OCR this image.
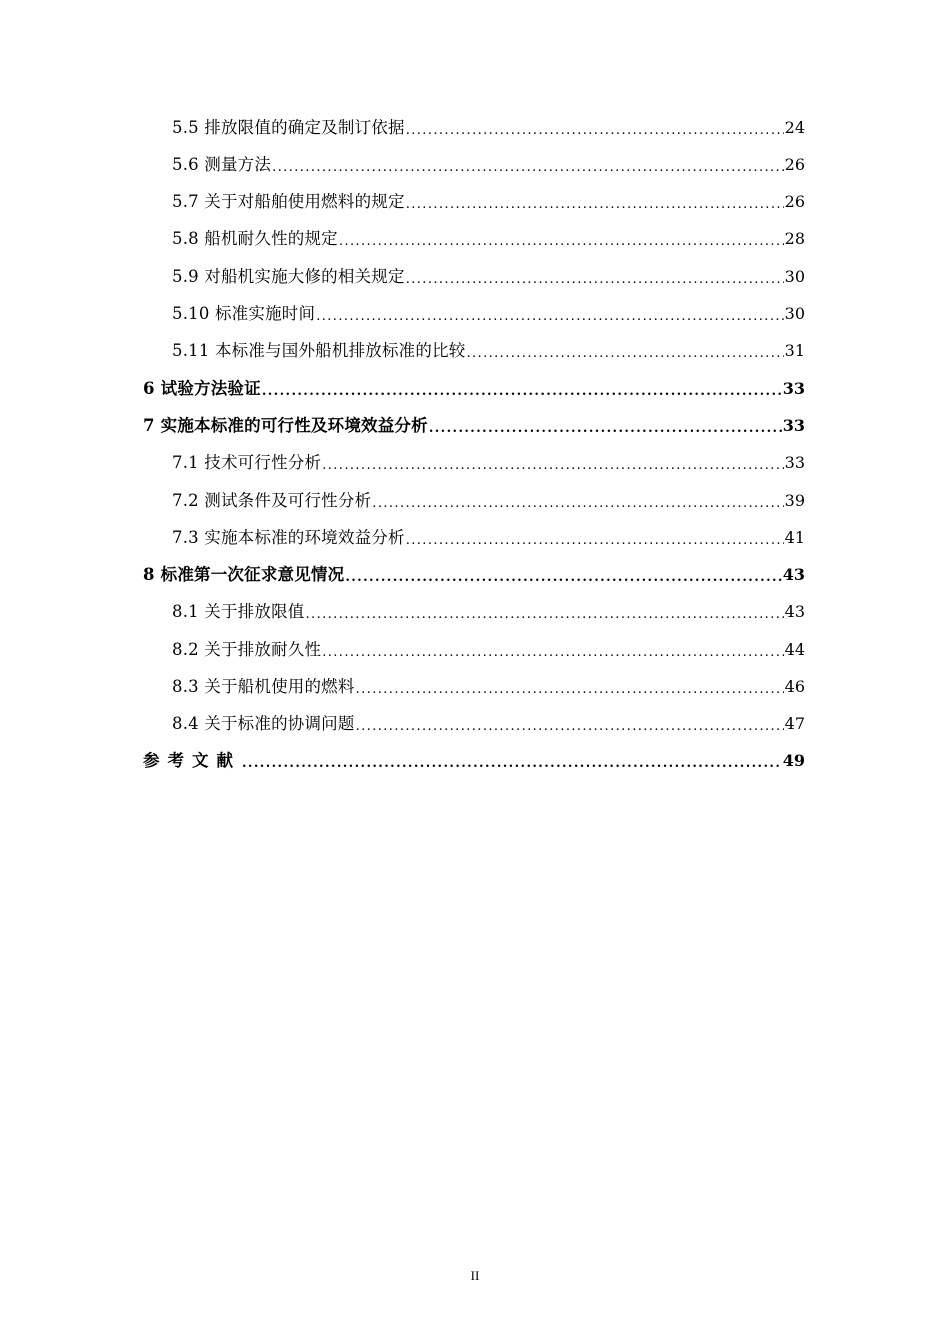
5.5 排放限值的确定及制订依据 .....	24
5.6 测量方法 .....	26
5.7 关于对船舶使用燃料的规定 .....	26
5.8 船机耐久性的规定 .....	28
5.9 对船机实施大修的相关规定 .....	30
5.10 标准实施时间 .....	30
5.11 本标准与国外船机排放标准的比较 .....	31
6 试验方法验证 .....	33
7 实施本标准的可行性及环境效益分析 .....	33
7.1 技术可行性分析 .....	33
7.2 测试条件及可行性分析 .....	39
7.3 实施本标准的环境效益分析 .....	41
8 标准第一次征求意见情况 .....	43
8.1 关于排放限值 .....	43
8.2 关于排放耐久性 .....	44
8.3 关于船机使用的燃料 .....	46
8.4 关于标准的协调问题 .....	47
参考文献 .....	49
II
